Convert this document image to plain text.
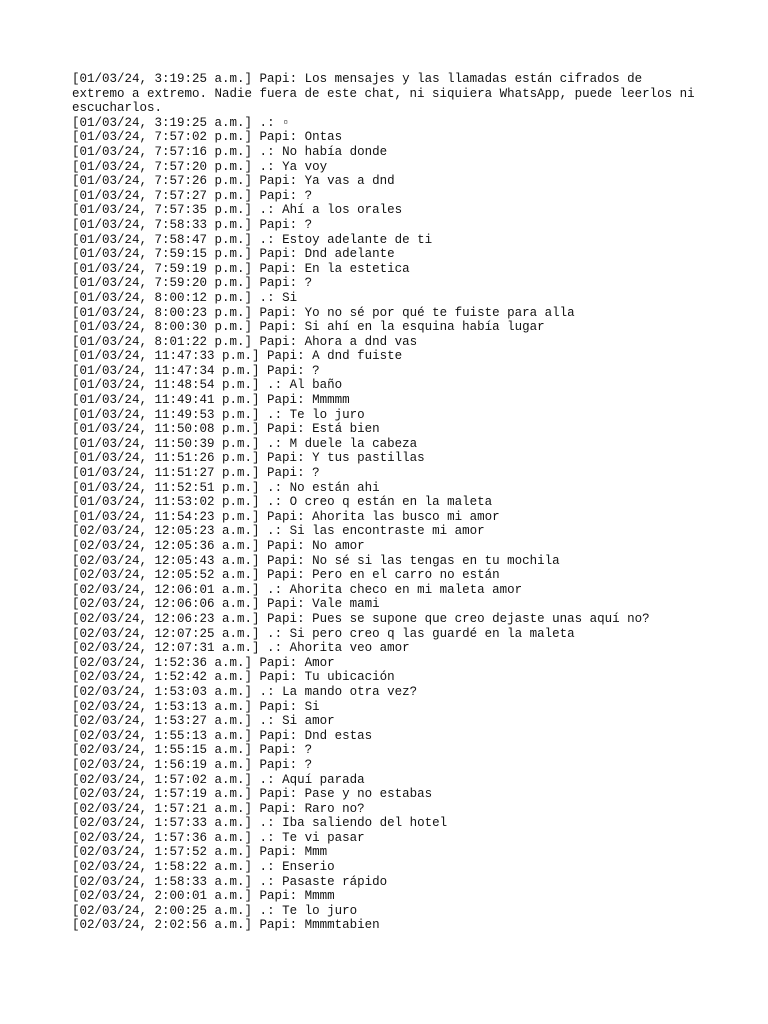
[01/03/24, 3:19:25 a.m.] Papi: Los mensajes y las llamadas están cifrados de extremo a extremo. Nadie fuera de este chat, ni siquiera WhatsApp, puede leerlos ni escucharlos.
[01/03/24, 3:19:25 a.m.] .: ▫
[01/03/24, 7:57:02 p.m.] Papi: Ontas
[01/03/24, 7:57:16 p.m.] .: No había donde
[01/03/24, 7:57:20 p.m.] .: Ya voy
[01/03/24, 7:57:26 p.m.] Papi: Ya vas a dnd
[01/03/24, 7:57:27 p.m.] Papi: ?
[01/03/24, 7:57:35 p.m.] .: Ahí a los orales
[01/03/24, 7:58:33 p.m.] Papi: ?
[01/03/24, 7:58:47 p.m.] .: Estoy adelante de ti
[01/03/24, 7:59:15 p.m.] Papi: Dnd adelante
[01/03/24, 7:59:19 p.m.] Papi: En la estetica
[01/03/24, 7:59:20 p.m.] Papi: ?
[01/03/24, 8:00:12 p.m.] .: Si
[01/03/24, 8:00:23 p.m.] Papi: Yo no sé por qué te fuiste para alla
[01/03/24, 8:00:30 p.m.] Papi: Si ahí en la esquina había lugar
[01/03/24, 8:01:22 p.m.] Papi: Ahora a dnd vas
[01/03/24, 11:47:33 p.m.] Papi: A dnd fuiste
[01/03/24, 11:47:34 p.m.] Papi: ?
[01/03/24, 11:48:54 p.m.] .: Al baño
[01/03/24, 11:49:41 p.m.] Papi: Mmmmm
[01/03/24, 11:49:53 p.m.] .: Te lo juro
[01/03/24, 11:50:08 p.m.] Papi: Está bien
[01/03/24, 11:50:39 p.m.] .: M duele la cabeza
[01/03/24, 11:51:26 p.m.] Papi: Y tus pastillas
[01/03/24, 11:51:27 p.m.] Papi: ?
[01/03/24, 11:52:51 p.m.] .: No están ahi
[01/03/24, 11:53:02 p.m.] .: O creo q están en la maleta
[01/03/24, 11:54:23 p.m.] Papi: Ahorita las busco mi amor
[02/03/24, 12:05:23 a.m.] .: Si las encontraste mi amor
[02/03/24, 12:05:36 a.m.] Papi: No amor
[02/03/24, 12:05:43 a.m.] Papi: No sé si las tengas en tu mochila
[02/03/24, 12:05:52 a.m.] Papi: Pero en el carro no están
[02/03/24, 12:06:01 a.m.] .: Ahorita checo en mi maleta amor
[02/03/24, 12:06:06 a.m.] Papi: Vale mami
[02/03/24, 12:06:23 a.m.] Papi: Pues se supone que creo dejaste unas aquí no?
[02/03/24, 12:07:25 a.m.] .: Si pero creo q las guardé en la maleta
[02/03/24, 12:07:31 a.m.] .: Ahorita veo amor
[02/03/24, 1:52:36 a.m.] Papi: Amor
[02/03/24, 1:52:42 a.m.] Papi: Tu ubicación
[02/03/24, 1:53:03 a.m.] .: La mando otra vez?
[02/03/24, 1:53:13 a.m.] Papi: Si
[02/03/24, 1:53:27 a.m.] .: Si amor
[02/03/24, 1:55:13 a.m.] Papi: Dnd estas
[02/03/24, 1:55:15 a.m.] Papi: ?
[02/03/24, 1:56:19 a.m.] Papi: ?
[02/03/24, 1:57:02 a.m.] .: Aquí parada
[02/03/24, 1:57:19 a.m.] Papi: Pase y no estabas
[02/03/24, 1:57:21 a.m.] Papi: Raro no?
[02/03/24, 1:57:33 a.m.] .: Iba saliendo del hotel
[02/03/24, 1:57:36 a.m.] .: Te vi pasar
[02/03/24, 1:57:52 a.m.] Papi: Mmm
[02/03/24, 1:58:22 a.m.] .: Enserio
[02/03/24, 1:58:33 a.m.] .: Pasaste rápido
[02/03/24, 2:00:01 a.m.] Papi: Mmmm
[02/03/24, 2:00:25 a.m.] .: Te lo juro
[02/03/24, 2:02:56 a.m.] Papi: Mmmmtabien
